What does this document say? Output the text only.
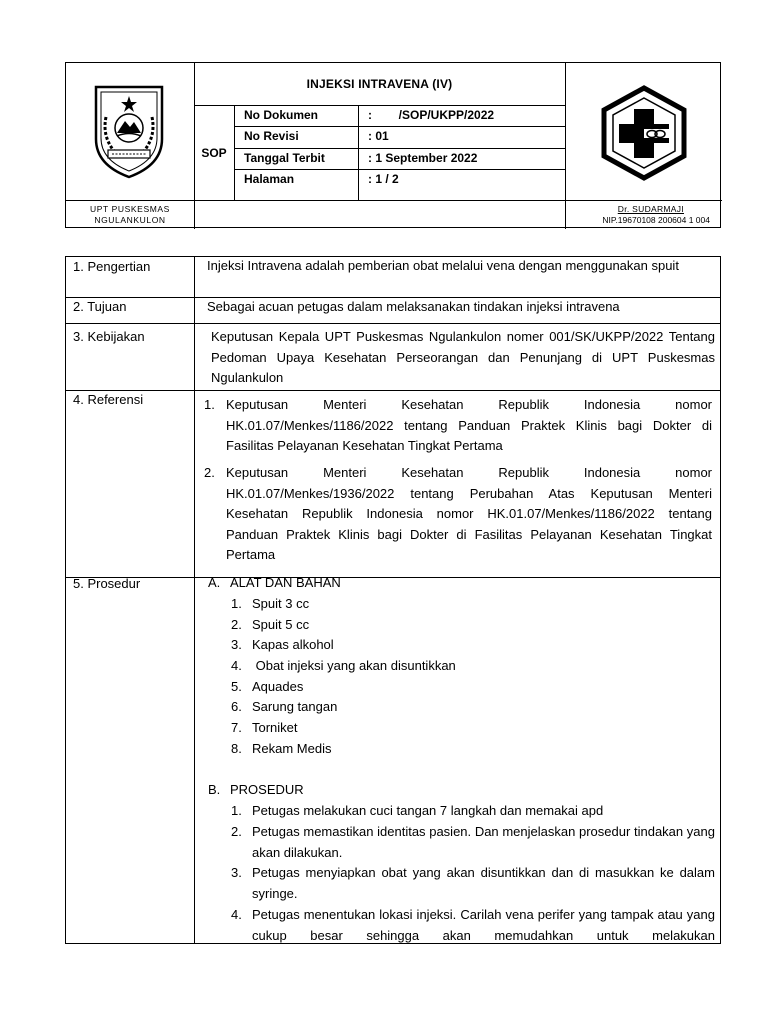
INJEKSI INTRAVENA (IV)
SOP
No Dokumen	:        /SOP/UKPP/2022
No Revisi	: 01
Tanggal Terbit	: 1 September 2022
Halaman	: 1 / 2
UPT PUSKESMAS
NGULANKULON
Dr. SUDARMAJI
NIP.19670108 200604 1 004
1. Pengertian	Injeksi Intravena adalah pemberian obat melalui vena dengan menggunakan spuit
2. Tujuan	Sebagai acuan petugas dalam melaksanakan tindakan injeksi intravena
3. Kebijakan	Keputusan Kepala UPT Puskesmas Ngulankulon nomer 001/SK/UKPP/2022 Tentang Pedoman Upaya Kesehatan Perseorangan dan Penunjang di UPT Puskesmas Ngulankulon
4. Referensi	1. Keputusan Menteri Kesehatan Republik Indonesia nomor HK.01.07/Menkes/1186/2022 tentang Panduan Praktek Klinis bagi Dokter di Fasilitas Pelayanan Kesehatan Tingkat Pertama
2. Keputusan Menteri Kesehatan Republik Indonesia nomor HK.01.07/Menkes/1936/2022 tentang Perubahan Atas Keputusan Menteri Kesehatan Republik Indonesia nomor HK.01.07/Menkes/1186/2022 tentang Panduan Praktek Klinis bagi Dokter di Fasilitas Pelayanan Kesehatan Tingkat Pertama
5. Prosedur	A. ALAT DAN BAHAN
1. Spuit 3 cc
2. Spuit 5 cc
3. Kapas alkohol
4. Obat injeksi yang akan disuntikkan
5. Aquades
6. Sarung tangan
7. Torniket
8. Rekam Medis
B. PROSEDUR
1. Petugas melakukan cuci tangan 7 langkah dan memakai apd
2. Petugas memastikan identitas pasien. Dan menjelaskan prosedur tindakan yang akan dilakukan.
3. Petugas menyiapkan obat yang akan disuntikkan dan di masukkan ke dalam syringe.
4. Petugas menentukan lokasi injeksi. Carilah vena perifer yang tampak atau yang cukup besar sehingga akan memudahkan untuk melakukan
